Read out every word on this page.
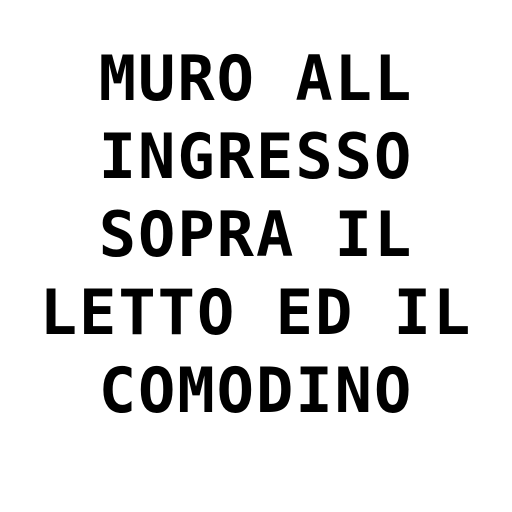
MURO ALL
INGRESSO
SOPRA IL
LETTO ED IL
COMODINO
